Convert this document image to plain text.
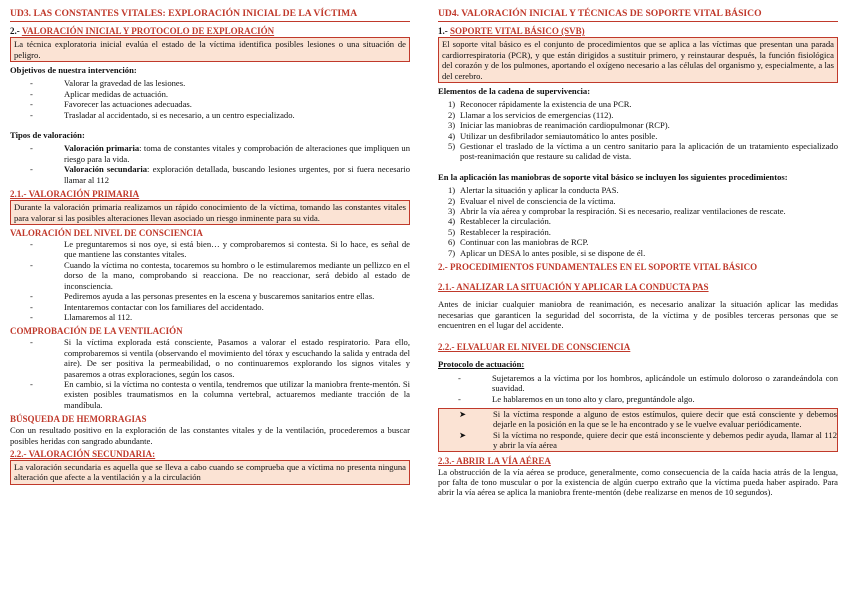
UD3. LAS CONSTANTES VITALES: EXPLORACIÓN INICIAL DE LA VÍCTIMA
2.- VALORACIÓN INICIAL Y PROTOCOLO DE EXPLORACIÓN
La técnica exploratoria inicial evalúa el estado de la víctima identifica posibles lesiones o una situación de peligro.
Objetivos de nuestra intervención:
-	Valorar la gravedad de las lesiones.
-	Aplicar medidas de actuación.
-	Favorecer las actuaciones adecuadas.
-	Trasladar al accidentado, si es necesario, a un centro especializado.
Tipos de valoración:
-	Valoración primaria: toma de constantes vitales y comprobación de alteraciones que impliquen un riesgo para la vida.
-	Valoración secundaria: exploración detallada, buscando lesiones urgentes, por si fuera necesario llamar al 112
2.1.- VALORACIÓN PRIMARIA
Durante la valoración primaria realizamos un rápido conocimiento de la víctima, tomando las constantes vitales para valorar si las posibles alteraciones llevan asociado un riesgo inminente para su vida.
VALORACIÓN DEL NIVEL DE CONSCIENCIA
-	Le preguntaremos si nos oye, si está bien… y comprobaremos si contesta. Si lo hace, es señal de que mantiene las constantes vitales.
-	Cuando la víctima no contesta, tocaremos su hombro o le estimularemos mediante un pellizco en el dorso de la mano, comprobando si reacciona. De no reaccionar, será debido al estado de inconsciencia.
-	Pediremos ayuda a las personas presentes en la escena y buscaremos sanitarios entre ellas.
-	Intentaremos contactar con los familiares del accidentado.
-	Llamaremos al 112.
COMPROBACIÓN DE LA VENTILACIÓN
-	Si la víctima explorada está consciente, Pasamos a valorar el estado respiratorio. Para ello, comprobaremos si ventila (observando el movimiento del tórax y escuchando la salida y entrada del aire). De ser positiva la permeabilidad, o no continuaremos explorando los signos vitales y pasaremos a otras exploraciones, según los casos.
-	En cambio, si la víctima no contesta o ventila, tendremos que utilizar la maniobra frente-mentón. Si existen posibles traumatismos en la columna vertebral, actuaremos mediante tracción de la mandíbula.
BÚSQUEDA DE HEMORRAGIAS
Con un resultado positivo en la exploración de las constantes vitales y de la ventilación, procederemos a buscar posibles heridas con sangrado abundante.
2.2.- VALORACIÓN SECUNDARIA:
La valoración secundaria es aquella que se lleva a cabo cuando se comprueba que a víctima no presenta ninguna alteración que afecte a la ventilación y a la circulación
UD4. VALORACIÓN INICIAL Y TÉCNICAS DE SOPORTE VITAL BÁSICO
1.- SOPORTE VITAL BÁSICO (SVB)
El soporte vital básico es el conjunto de procedimientos que se aplica a las víctimas que presentan una parada cardiorrespiratoria (PCR), y que están dirigidos a sustituir primero, y reinstaurar después, la función fisiológica del corazón y de los pulmones, aportando el oxígeno necesario a las células del organismo y, especialmente, a las del cerebro.
Elementos de la cadena de supervivencia:
1) Reconocer rápidamente la existencia de una PCR.
2) Llamar a los servicios de emergencias (112).
3) Iniciar las maniobras de reanimación cardiopulmonar (RCP).
4) Utilizar un desfibrilador semiautomático lo antes posible.
5) Gestionar el traslado de la víctima a un centro sanitario para la aplicación de un tratamiento especializado post-reanimación que restaure su calidad de vista.
En la aplicación las maniobras de soporte vital básico se incluyen los siguientes procedimientos:
1) Alertar la situación y aplicar la conducta PAS.
2) Evaluar el nivel de consciencia de la víctima.
3) Abrir la vía aérea y comprobar la respiración. Si es necesario, realizar ventilaciones de rescate.
4) Restablecer la circulación.
5) Restablecer la respiración.
6) Continuar con las maniobras de RCP.
7) Aplicar un DESA lo antes posible, si se dispone de él.
2.- PROCEDIMIENTOS FUNDAMENTALES EN EL SOPORTE VITAL BÁSICO
2.1.- ANALIZAR LA SITUACIÓN Y APLICAR LA CONDUCTA PAS
Antes de iniciar cualquier maniobra de reanimación, es necesario analizar la situación aplicar las medidas necesarias que garanticen la seguridad del socorrista, de la víctima y de posibles terceras personas que se encuentren en el lugar del accidente.
2.2.- ELVALUAR EL NIVEL DE CONSCIENCIA
Protocolo de actuación:
-	Sujetaremos a la víctima por los hombros, aplicándole un estímulo doloroso o zarandeándola con suavidad.
-	Le hablaremos en un tono alto y claro, preguntándole algo.
➤	Si la víctima responde a alguno de estos estímulos, quiere decir que está consciente y debemos dejarle en la posición en la que se le ha encontrado y se le vuelve evaluar periódicamente.
➤	Si la víctima no responde, quiere decir que está inconsciente y debemos pedir ayuda, llamar al 112 y abrir la vía aérea
2.3.- ABRIR LA VÍA AÉREA
La obstrucción de la vía aérea se produce, generalmente, como consecuencia de la caída hacia atrás de la lengua, por falta de tono muscular o por la existencia de algún cuerpo extraño que la víctima pueda haber aspirado. Para abrir la vía aérea se aplica la maniobra frente-mentón (debe realizarse en menos de 10 segundos).
